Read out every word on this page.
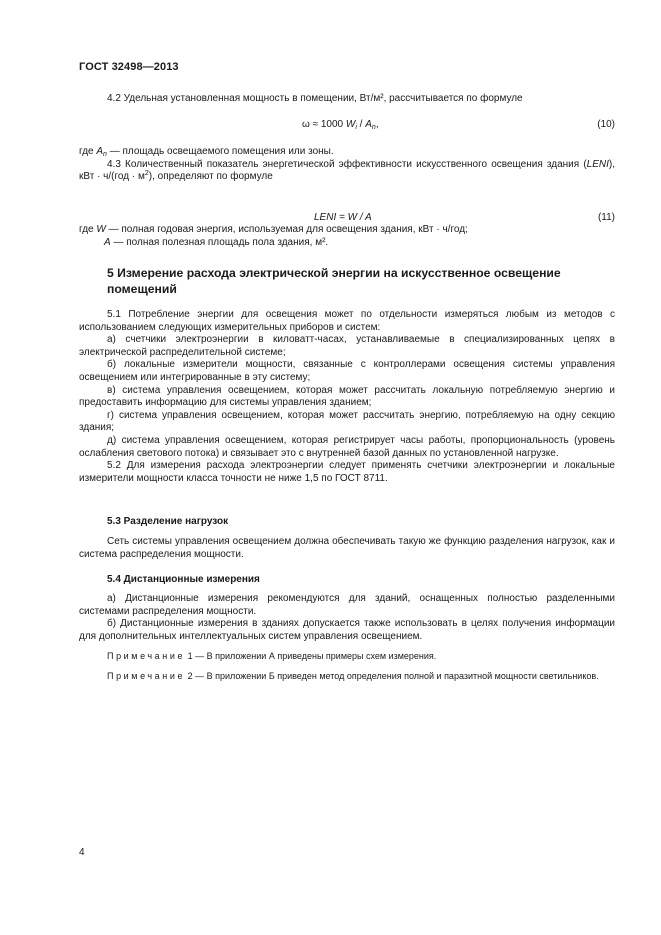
ГОСТ 32498—2013

4.2 Удельная установленная мощность в помещении, Вт/м², рассчитывается по формуле

ω ≈ 1000 $W_i / A_n$,	(10)

где $A_n$ — площадь освещаемого помещения или зоны.

4.3 Количественный показатель энергетической эффективности искусственного освещения здания (LENI), кВт · $ч/(год \cdot м^2)$, определяют по формуле

LENI = W / A	(11)

где W — полная годовая энергия, используемая для освещения здания, кВт · ч/год;

A — полная полезная площадь пола здания, м².

5 Измерение расхода электрической энергии на искусственное освещение помещений

5.1 Потребление энергии для освещения может по отдельности измеряться любым из методов с использованием следующих измерительных приборов и систем:

а) счетчики электроэнергии в киловатт-часах, устанавливаемые в специализированных цепях в электрической распределительной системе;

б) локальные измерители мощности, связанные с контроллерами освещения системы управления освещением или интегрированные в эту систему;

в) система управления освещением, которая может рассчитать локальную потребляемую энергию и предоставить информацию для системы управления зданием;

г) система управления освещением, которая может рассчитать энергию, потребляемую на одну секцию здания;

д) система управления освещением, которая регистрирует часы работы, пропорциональность (уровень ослабления светового потока) и связывает это с внутренней базой данных по установленной нагрузке.

5.2 Для измерения расхода электроэнергии следует применять счетчики электроэнергии и локальные измерители мощности класса точности не ниже 1,5 по ГОСТ 8711.

5.3 Разделение нагрузок

Сеть системы управления освещением должна обеспечивать такую же функцию разделения нагрузок, как и система распределения мощности.

5.4 Дистанционные измерения

а) Дистанционные измерения рекомендуются для зданий, оснащенных полностью разделенными системами распределения мощности.

б) Дистанционные измерения в зданиях допускается также использовать в целях получения информации для дополнительных интеллектуальных систем управления освещением.

Примечание 1 — В приложении А приведены примеры схем измерения.

Примечание 2 — В приложении Б приведен метод определения полной и паразитной мощности светильников.

4
